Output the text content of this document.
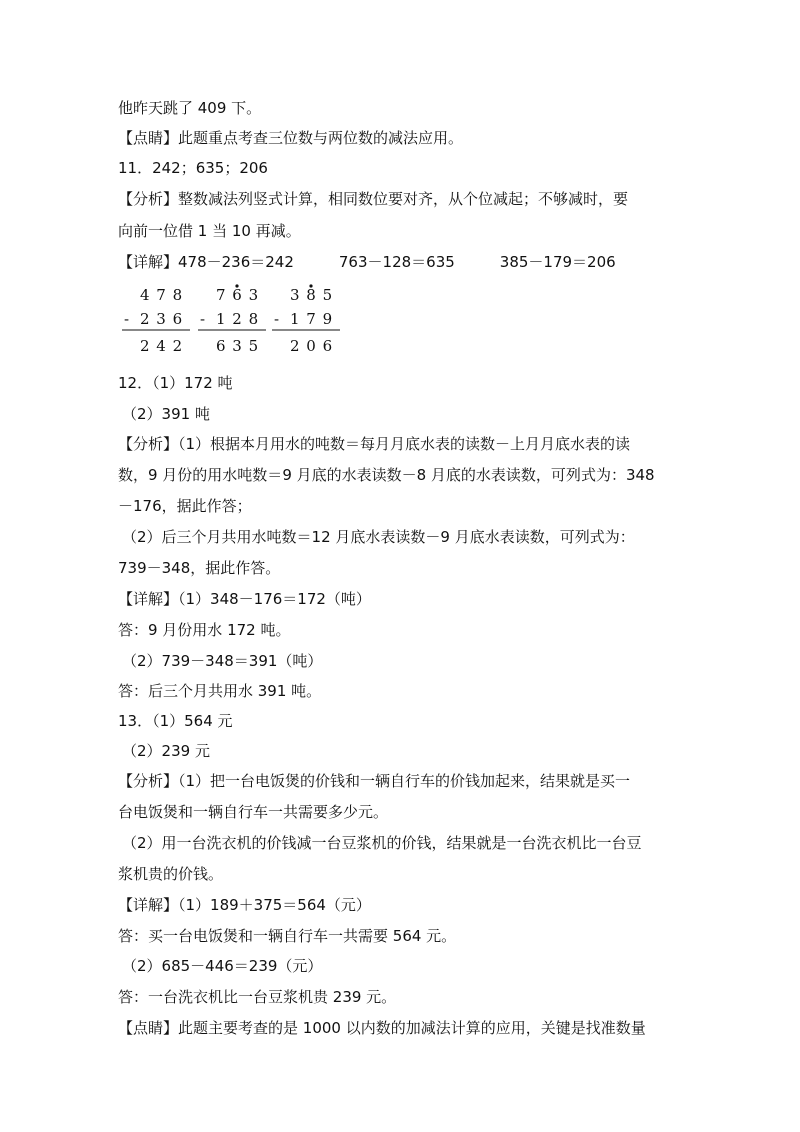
他昨天跳了 409 下。
【点睛】此题重点考查三位数与两位数的减法应用。
11．242；635；206
【分析】整数减法列竖式计算，相同数位要对齐，从个位减起；不够减时，要
向前一位借 1 当 10 再减。
【详解】478－236＝242　　　763－128＝635　　　385－179＝206
4 7 8
- 2 3 6
2 4 2
7 6 3
- 1 2 8
6 3 5
3 8 5
- 1 7 9
2 0 6
12．（1）172 吨
（2）391 吨
【分析】（1）根据本月用水的吨数＝每月月底水表的读数－上月月底水表的读
数，9 月份的用水吨数＝9 月底的水表读数－8 月底的水表读数，可列式为：348
－176，据此作答；
（2）后三个月共用水吨数＝12 月底水表读数－9 月底水表读数，可列式为：
739－348，据此作答。
【详解】（1）348－176＝172（吨）
答：9 月份用水 172 吨。
（2）739－348＝391（吨）
答：后三个月共用水 391 吨。
13．（1）564 元
（2）239 元
【分析】（1）把一台电饭煲的价钱和一辆自行车的价钱加起来，结果就是买一
台电饭煲和一辆自行车一共需要多少元。
（2）用一台洗衣机的价钱减一台豆浆机的价钱，结果就是一台洗衣机比一台豆
浆机贵的价钱。
【详解】（1）189＋375＝564（元）
答：买一台电饭煲和一辆自行车一共需要 564 元。
（2）685－446＝239（元）
答：一台洗衣机比一台豆浆机贵 239 元。
【点睛】此题主要考查的是 1000 以内数的加减法计算的应用，关键是找准数量
